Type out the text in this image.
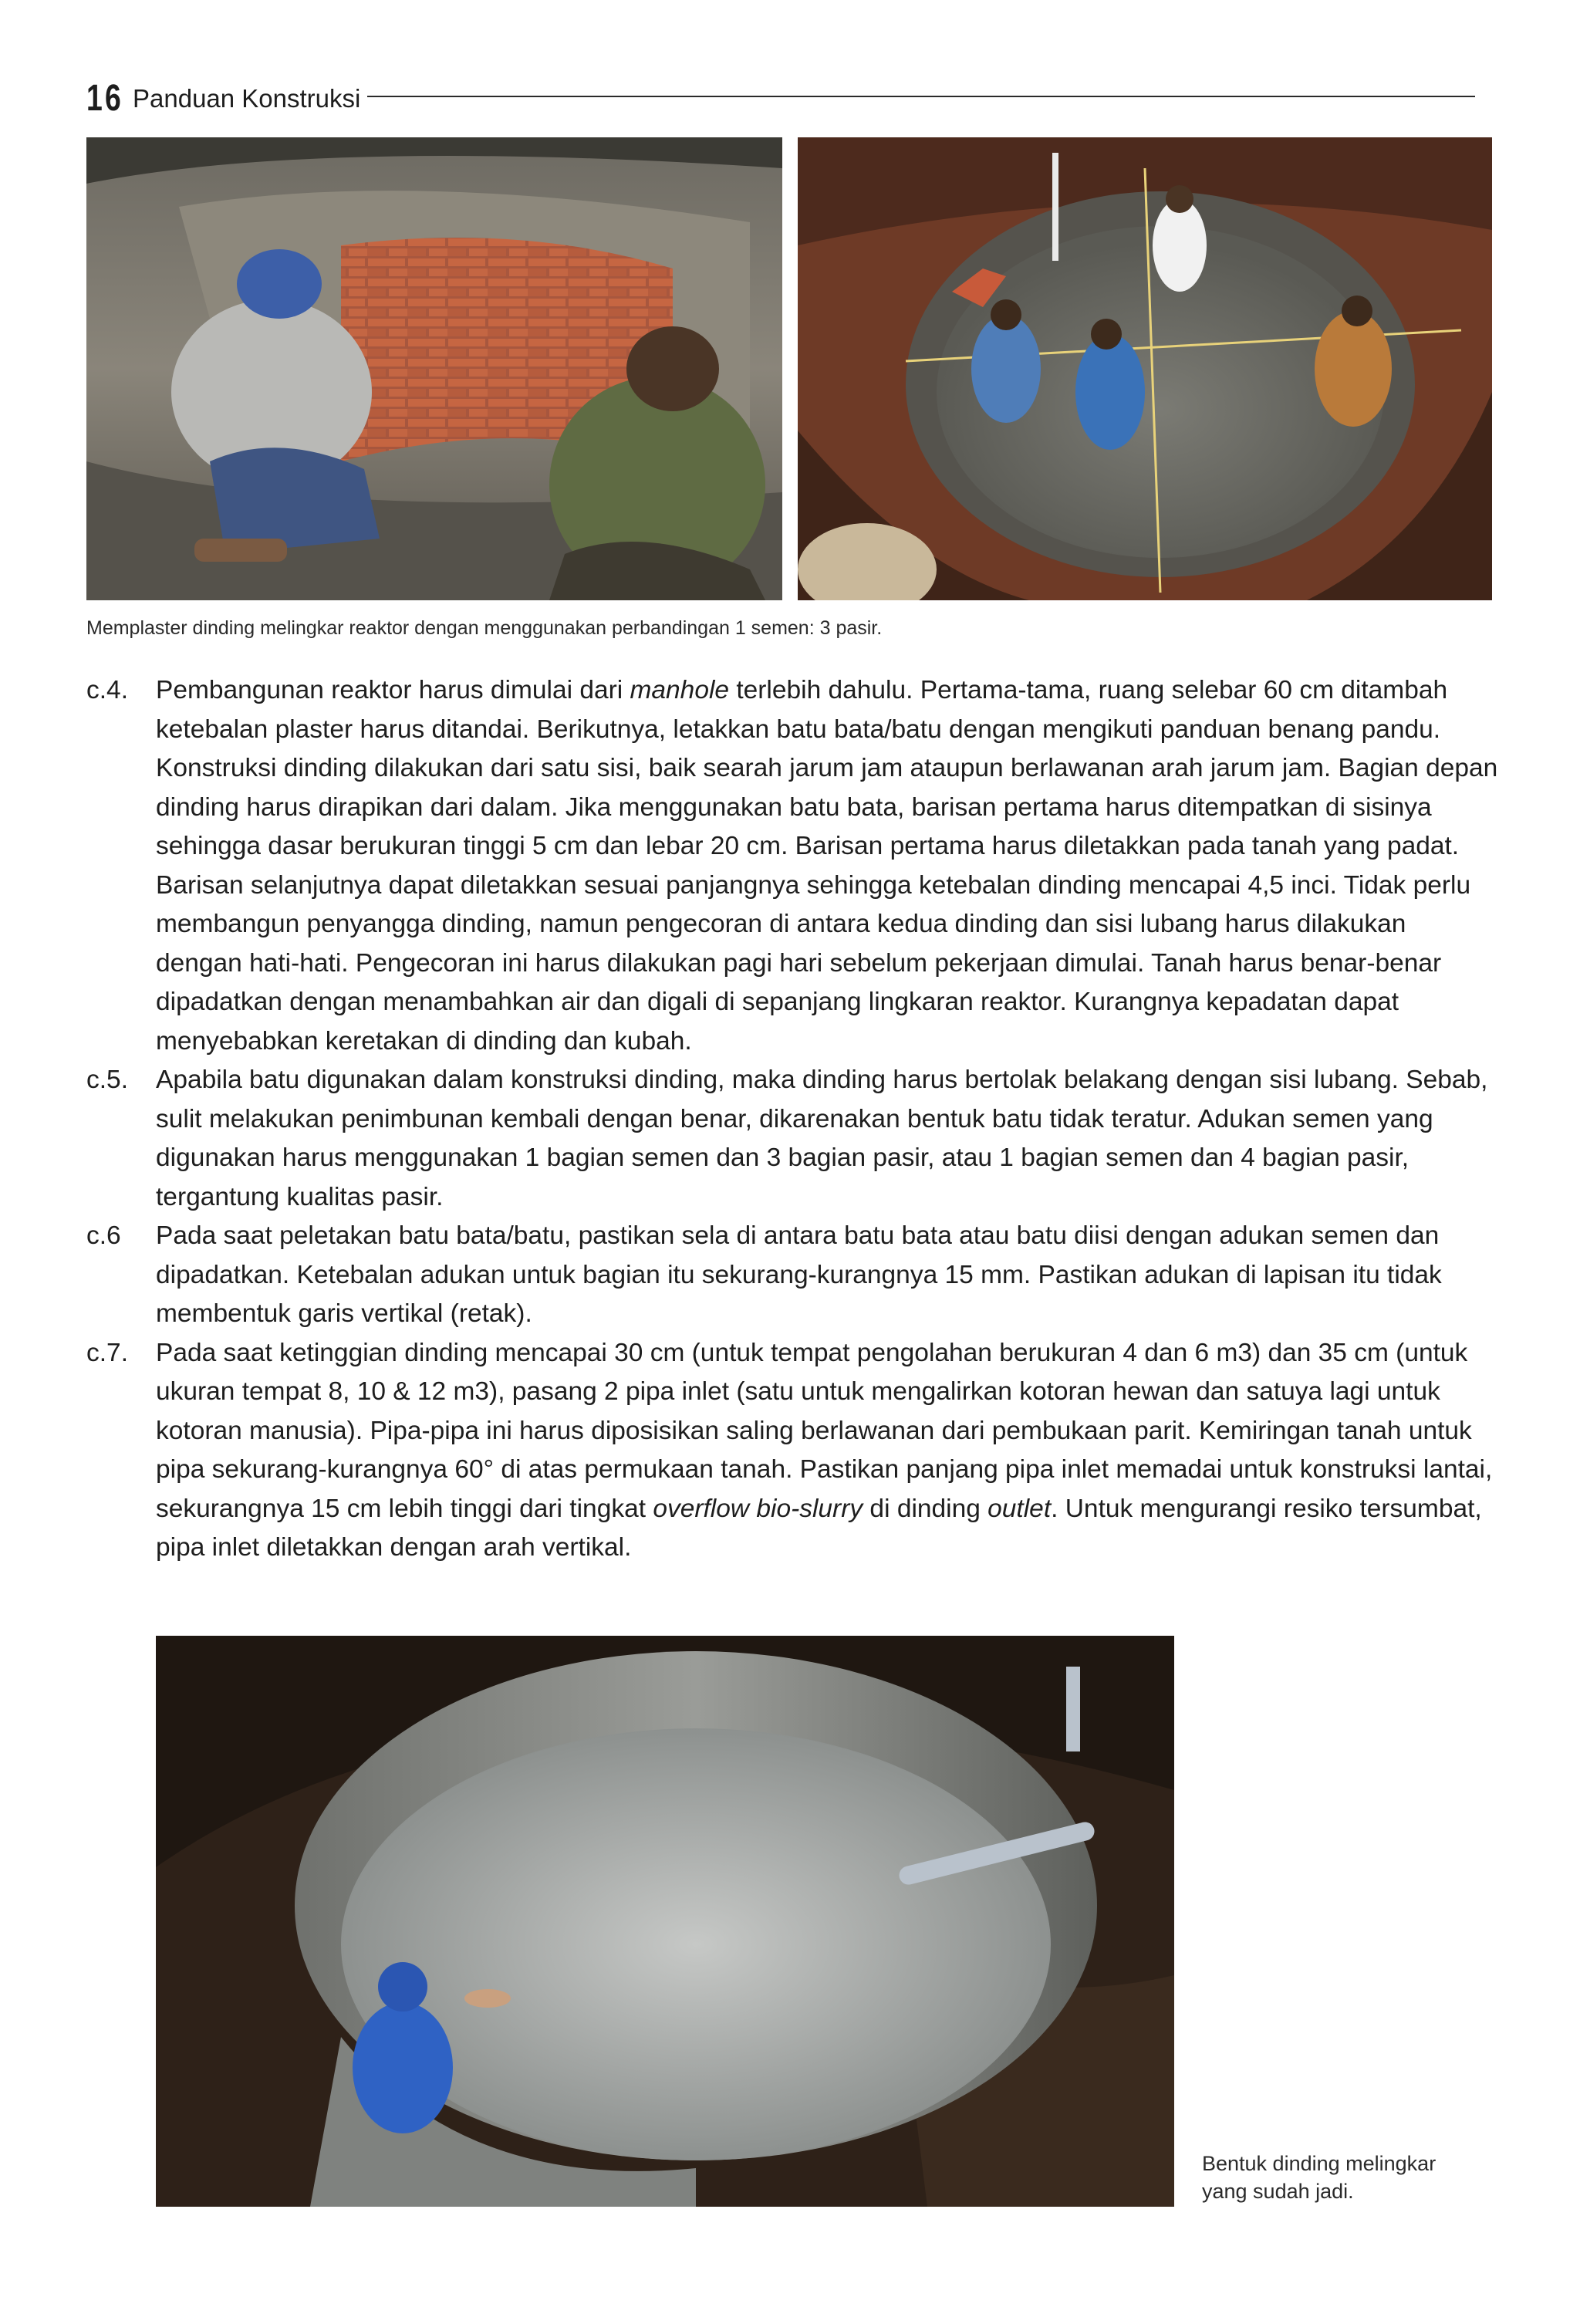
16 Panduan Konstruksi
Memplaster dinding melingkar reaktor dengan menggunakan perbandingan 1 semen: 3 pasir.
c.4. Pembangunan reaktor harus dimulai dari manhole terlebih dahulu. Pertama-tama, ruang selebar 60 cm ditambah ketebalan plaster harus ditandai. Berikutnya, letakkan batu bata/batu dengan mengikuti panduan benang pandu. Konstruksi dinding dilakukan dari satu sisi, baik searah jarum jam ataupun berlawanan arah jarum jam. Bagian depan dinding harus dirapikan dari dalam. Jika menggunakan batu bata, barisan pertama harus ditempatkan di sisinya sehingga dasar berukuran tinggi 5 cm dan lebar 20 cm. Barisan pertama harus diletakkan pada tanah yang padat. Barisan selanjutnya dapat diletakkan sesuai panjangnya sehingga ketebalan dinding mencapai 4,5 inci. Tidak perlu membangun penyangga dinding, namun pengecoran di antara kedua dinding dan sisi lubang harus dilakukan dengan hati-hati. Pengecoran ini harus dilakukan pagi hari sebelum pekerjaan dimulai. Tanah harus benar-benar dipadatkan dengan menambahkan air dan digali di sepanjang lingkaran reaktor. Kurangnya kepadatan dapat menyebabkan keretakan di dinding dan kubah.
c.5. Apabila batu digunakan dalam konstruksi dinding, maka dinding harus bertolak belakang dengan sisi lubang. Sebab, sulit melakukan penimbunan kembali dengan benar, dikarenakan bentuk batu tidak teratur. Adukan semen yang digunakan harus menggunakan 1 bagian semen dan 3 bagian pasir, atau 1 bagian semen dan 4 bagian pasir, tergantung kualitas pasir.
c.6 Pada saat peletakan batu bata/batu, pastikan sela di antara batu bata atau batu diisi dengan adukan semen dan dipadatkan. Ketebalan adukan untuk bagian itu sekurang-kurangnya 15 mm. Pastikan adukan di lapisan itu tidak membentuk garis vertikal (retak).
c.7. Pada saat ketinggian dinding mencapai 30 cm (untuk tempat pengolahan berukuran 4 dan 6 m3) dan 35 cm (untuk ukuran tempat 8, 10 & 12 m3), pasang 2 pipa inlet (satu untuk mengalirkan kotoran hewan dan satuya lagi untuk kotoran manusia). Pipa-pipa ini harus diposisikan saling berlawanan dari pembukaan parit. Kemiringan tanah untuk pipa sekurang-kurangnya 60° di atas permukaan tanah. Pastikan panjang pipa inlet memadai untuk konstruksi lantai, sekurangnya 15 cm lebih tinggi dari tingkat overflow bio-slurry di dinding outlet. Untuk mengurangi resiko tersumbat, pipa inlet diletakkan dengan arah vertikal.
Bentuk dinding melingkar yang sudah jadi.
